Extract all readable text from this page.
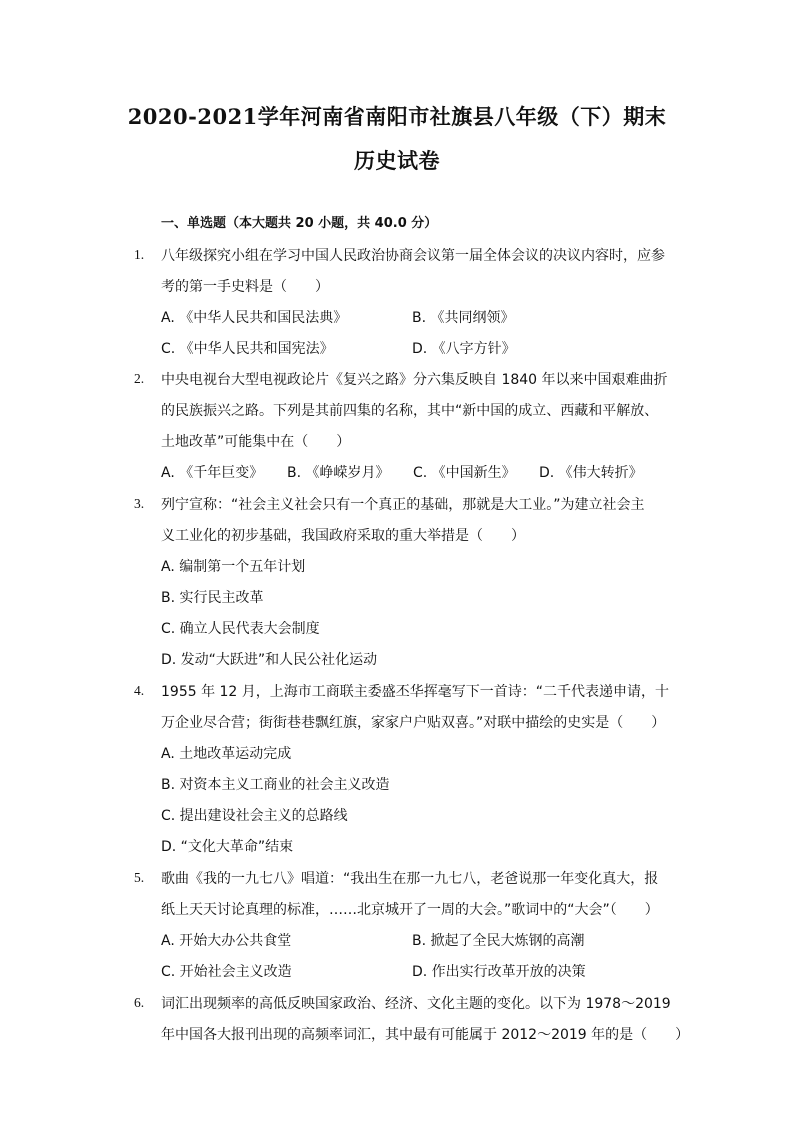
2020-2021学年河南省南阳市社旗县八年级（下）期末
历史试卷
一、单选题（本大题共 20 小题，共 40.0 分）
1. 八年级探究小组在学习中国人民政治协商会议第一届全体会议的决议内容时，应参
考的第一手史料是（　　）
A. 《中华人民共和国民法典》	B. 《共同纲领》
C. 《中华人民共和国宪法》	D. 《八字方针》
2. 中央电视台大型电视政论片《复兴之路》分六集反映自 1840 年以来中国艰难曲折
的民族振兴之路。下列是其前四集的名称，其中“新中国的成立、西藏和平解放、
土地改革”可能集中在（　　）
A. 《千年巨变》 B. 《峥嵘岁月》 C. 《中国新生》 D. 《伟大转折》
3. 列宁宣称：“社会主义社会只有一个真正的基础，那就是大工业。”为建立社会主
义工业化的初步基础，我国政府采取的重大举措是（　　）
A. 编制第一个五年计划
B. 实行民主改革
C. 确立人民代表大会制度
D. 发动“大跃进”和人民公社化运动
4. 1955 年 12 月，上海市工商联主委盛丕华挥毫写下一首诗：“二千代表递申请，十
万企业尽合营；街街巷巷飘红旗，家家户户贴双喜。”对联中描绘的史实是（　　）
A. 土地改革运动完成
B. 对资本主义工商业的社会主义改造
C. 提出建设社会主义的总路线
D. “文化大革命”结束
5. 歌曲《我的一九七八》唱道：“我出生在那一九七八，老爸说那一年变化真大，报
纸上天天讨论真理的标准，……北京城开了一周的大会。”歌词中的“大会”（　　）
A. 开始大办公共食堂	B. 掀起了全民大炼钢的高潮
C. 开始社会主义改造	D. 作出实行改革开放的决策
6. 词汇出现频率的高低反映国家政治、经济、文化主题的变化。以下为 1978～2019
年中国各大报刊出现的高频率词汇，其中最有可能属于 2012～2019 年的是（　　）
